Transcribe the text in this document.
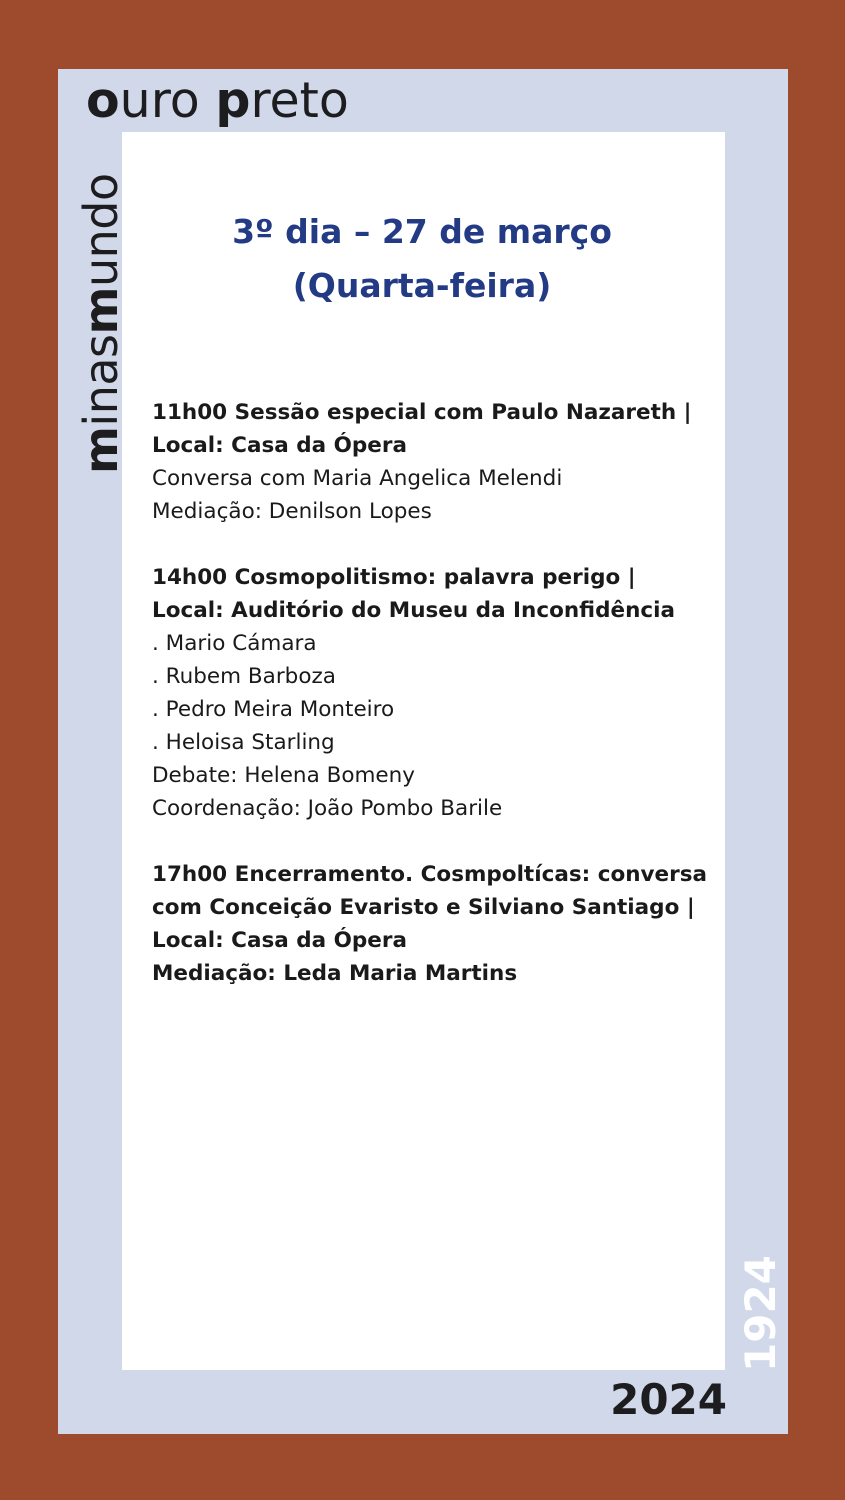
ouro preto
minasmundo
1924
2024
3º dia – 27 de março
(Quarta-feira)
11h00 Sessão especial com Paulo Nazareth |
Local: Casa da Ópera
Conversa com Maria Angelica Melendi
Mediação: Denilson Lopes
14h00 Cosmopolitismo: palavra perigo |
Local: Auditório do Museu da Inconfidência
. Mario Cámara
. Rubem Barboza
. Pedro Meira Monteiro
. Heloisa Starling
Debate: Helena Bomeny
Coordenação: João Pombo Barile
17h00 Encerramento. Cosmpoltícas: conversa
com Conceição Evaristo e Silviano Santiago |
Local: Casa da Ópera
Mediação: Leda Maria Martins
